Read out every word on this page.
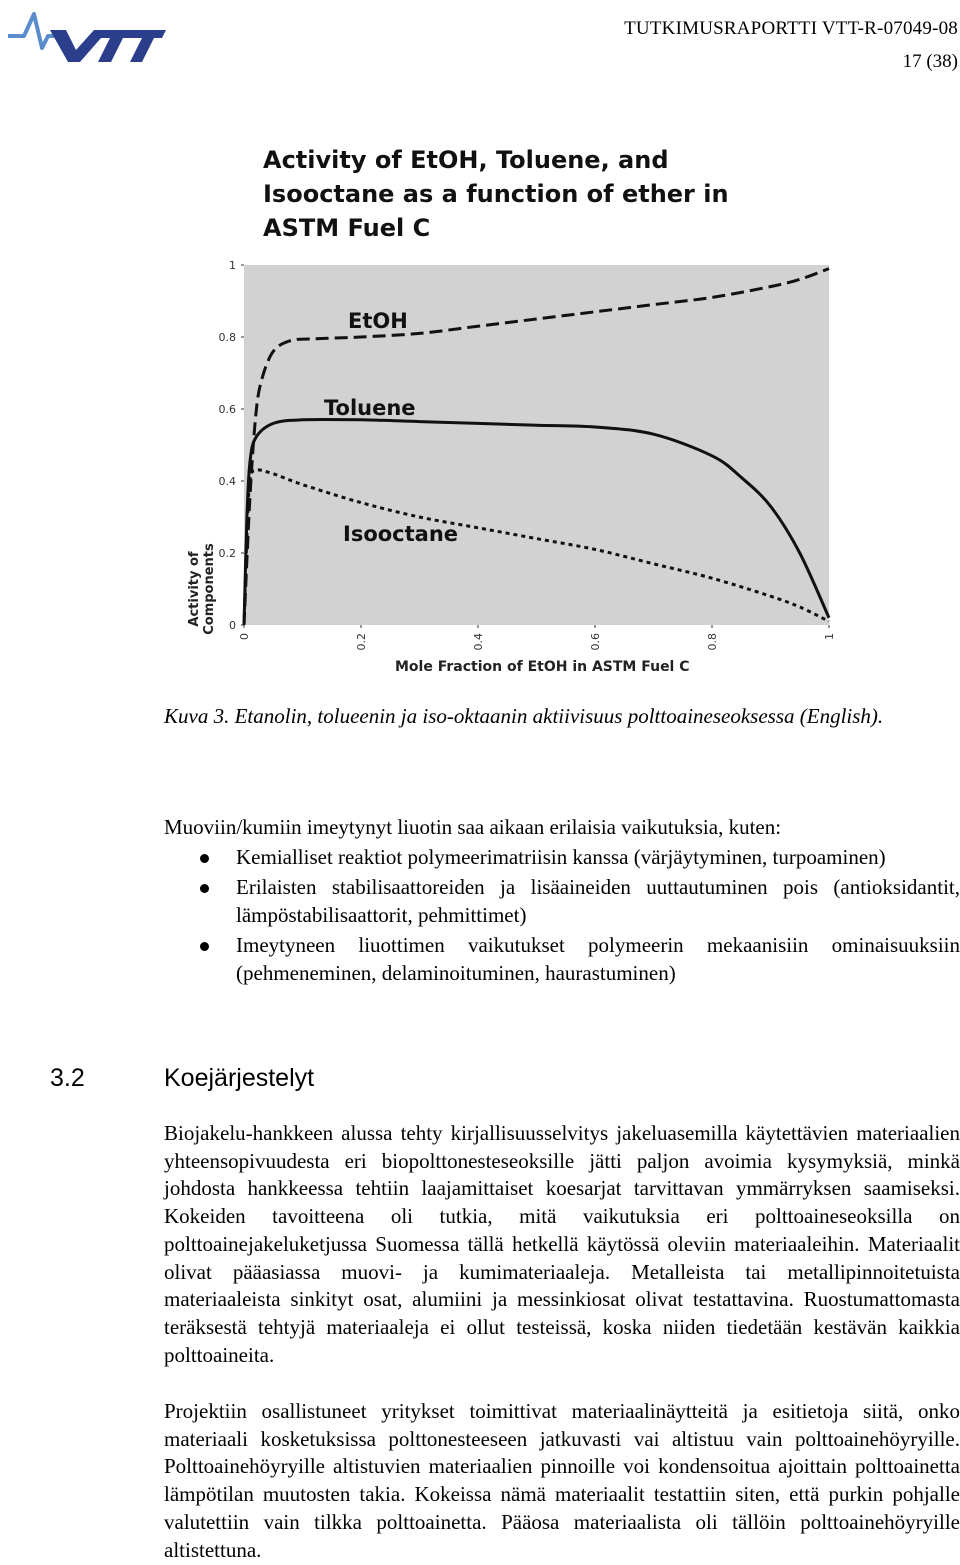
TUTKIMUSRAPORTTI VTT-R-07049-08
17 (38)
0
0.2
0.4
0.6
0.8
1
0	0.2	0.4	0.6	0.8	1
EtOH
Toluene
Isooctane
Activity of EtOH, Toluene, and
Isooctane as a function of ether in
ASTM Fuel C
Activity of Components
Mole Fraction of EtOH in ASTM Fuel C
Kuva 3. Etanolin, tolueenin ja iso-oktaanin aktiivisuus polttoaineseoksessa (English).
Muoviin/kumiin imeytynyt liuotin saa aikaan erilaisia vaikutuksia, kuten:
Kemialliset reaktiot polymeerimatriisin kanssa (värjäytyminen, turpoaminen)
Erilaisten stabilisaattoreiden ja lisäaineiden uuttautuminen pois (antioksidantit, lämpöstabilisaattorit, pehmittimet)
Imeytyneen liuottimen vaikutukset polymeerin mekaanisiin ominaisuuksiin (pehmeneminen, delaminoituminen, haurastuminen)
3.2	Koejärjestelyt

Biojakelu-hankkeen alussa tehty kirjallisuusselvitys jakeluasemilla käytettävien materiaalien yhteensopivuudesta eri biopolttonesteseoksille jätti paljon avoimia kysymyksiä, minkä johdosta hankkeessa tehtiin laajamittaiset koesarjat tarvittavan ymmärryksen saamiseksi. Kokeiden tavoitteena oli tutkia, mitä vaikutuksia eri polttoaineseoksilla on polttoainejakeluketjussa Suomessa tällä hetkellä käytössä oleviin materiaaleihin. Materiaalit olivat pääasiassa muovi- ja kumimateriaaleja. Metalleista tai metallipinnoitetuista materiaaleista sinkityt osat, alumiini ja messinkiosat olivat testattavina. Ruostumattomasta teräksestä tehtyjä materiaaleja ei ollut testeissä, koska niiden tiedetään kestävän kaikkia polttoaineita.

Projektiin osallistuneet yritykset toimittivat materiaalinäytteitä ja esitietoja siitä, onko materiaali kosketuksissa polttonesteeseen jatkuvasti vai altistuu vain polttoainehöyryille. Polttoainehöyryille altistuvien materiaalien pinnoille voi kondensoitua ajoittain polttoainetta lämpötilan muutosten takia. Kokeissa nämä materiaalit testattiin siten, että purkin pohjalle valutettiin vain tilkka polttoainetta. Pääosa materiaalista oli tällöin polttoainehöyryille altistettuna.
